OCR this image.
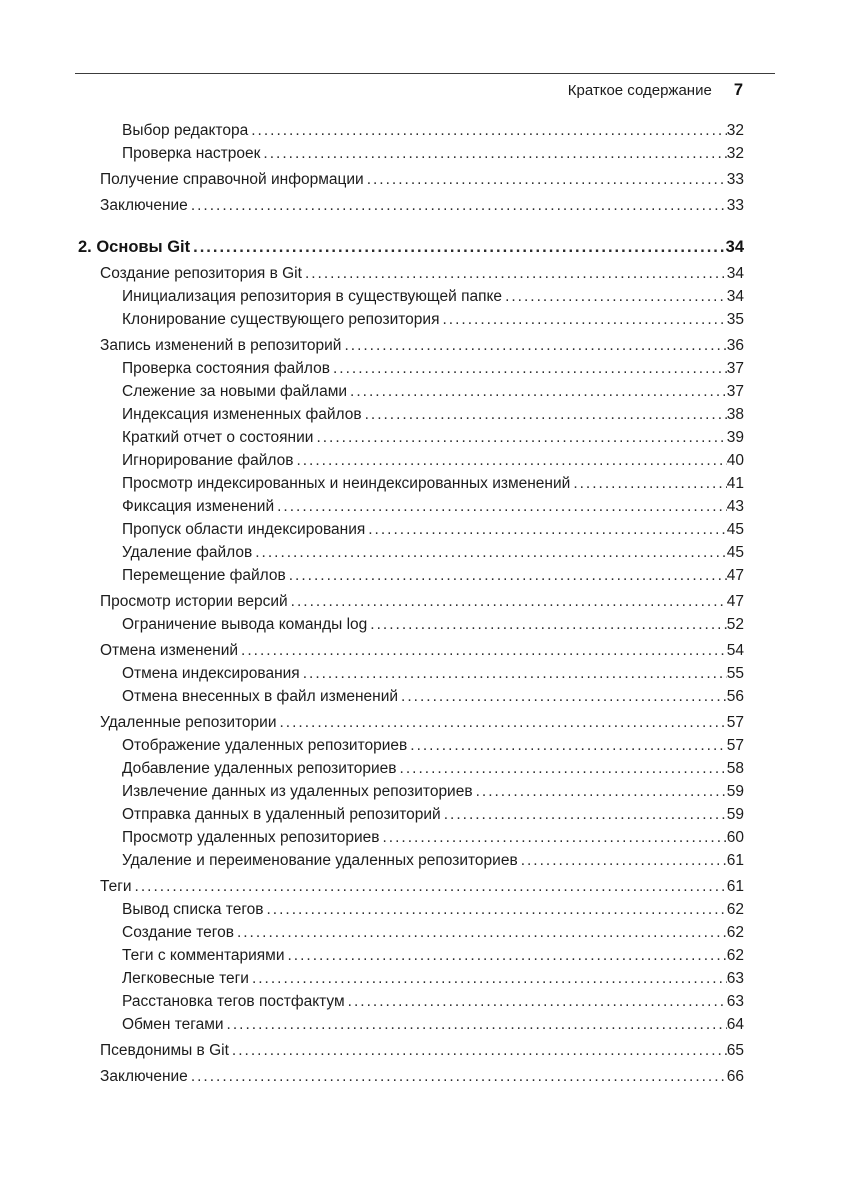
Краткое содержание 7
Выбор редактора .....	32
Проверка настроек .....	32
Получение справочной информации .....	33
Заключение .....	33
2. Основы Git .....	34
Создание репозитория в Git .....	34
Инициализация репозитория в существующей папке .....	34
Клонирование существующего репозитория .....	35
Запись изменений в репозиторий .....	36
Проверка состояния файлов .....	37
Слежение за новыми файлами .....	37
Индексация измененных файлов .....	38
Краткий отчет о состоянии .....	39
Игнорирование файлов .....	40
Просмотр индексированных и неиндексированных изменений .....	41
Фиксация изменений .....	43
Пропуск области индексирования .....	45
Удаление файлов .....	45
Перемещение файлов .....	47
Просмотр истории версий .....	47
Ограничение вывода команды log .....	52
Отмена изменений .....	54
Отмена индексирования .....	55
Отмена внесенных в файл изменений .....	56
Удаленные репозитории .....	57
Отображение удаленных репозиториев .....	57
Добавление удаленных репозиториев .....	58
Извлечение данных из удаленных репозиториев .....	59
Отправка данных в удаленный репозиторий .....	59
Просмотр удаленных репозиториев .....	60
Удаление и переименование удаленных репозиториев .....	61
Теги .....	61
Вывод списка тегов .....	62
Создание тегов .....	62
Теги с комментариями .....	62
Легковесные теги .....	63
Расстановка тегов постфактум .....	63
Обмен тегами .....	64
Псевдонимы в Git .....	65
Заключение .....	66
